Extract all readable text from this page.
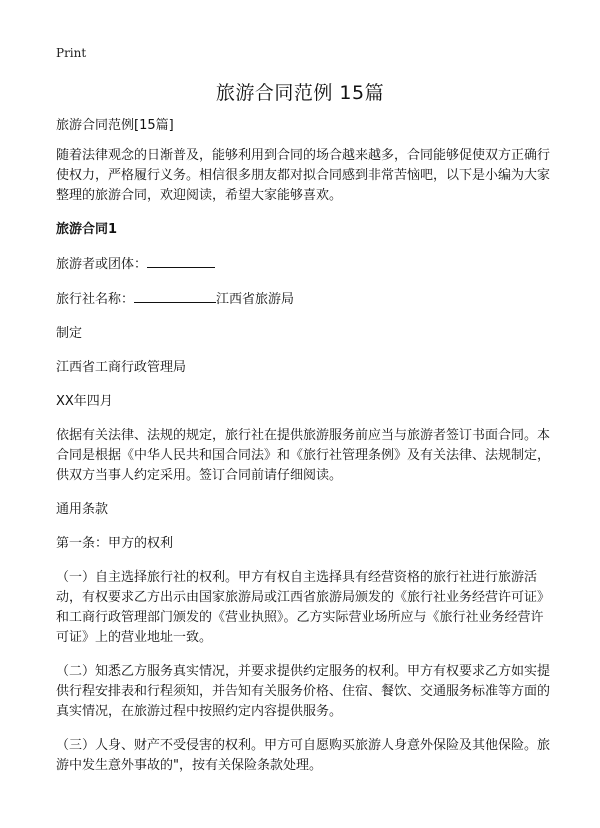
Print
旅游合同范例 15篇

旅游合同范例[15篇]

随着法律观念的日渐普及，能够利用到合同的场合越来越多，合同能够促使双方正确行使权力，严格履行义务。相信很多朋友都对拟合同感到非常苦恼吧，以下是小编为大家整理的旅游合同，欢迎阅读，希望大家能够喜欢。

旅游合同1

旅游者或团体：

旅行社名称：	江西省旅游局

制定

江西省工商行政管理局

XX年四月

依据有关法律、法规的规定，旅行社在提供旅游服务前应当与旅游者签订书面合同。本合同是根据《中华人民共和国合同法》和《旅行社管理条例》及有关法律、法规制定，供双方当事人约定采用。签订合同前请仔细阅读。

通用条款

第一条：甲方的权利

（一）自主选择旅行社的权利。甲方有权自主选择具有经营资格的旅行社进行旅游活动，有权要求乙方出示由国家旅游局或江西省旅游局颁发的《旅行社业务经营许可证》和工商行政管理部门颁发的《营业执照》。乙方实际营业场所应与《旅行社业务经营许可证》上的营业地址一致。

（二）知悉乙方服务真实情况，并要求提供约定服务的权利。甲方有权要求乙方如实提供行程安排表和行程须知，并告知有关服务价格、住宿、餐饮、交通服务标准等方面的真实情况，在旅游过程中按照约定内容提供服务。

（三）人身、财产不受侵害的权利。甲方可自愿购买旅游人身意外保险及其他保险。旅游中发生意外事故的"，按有关保险条款处理。
